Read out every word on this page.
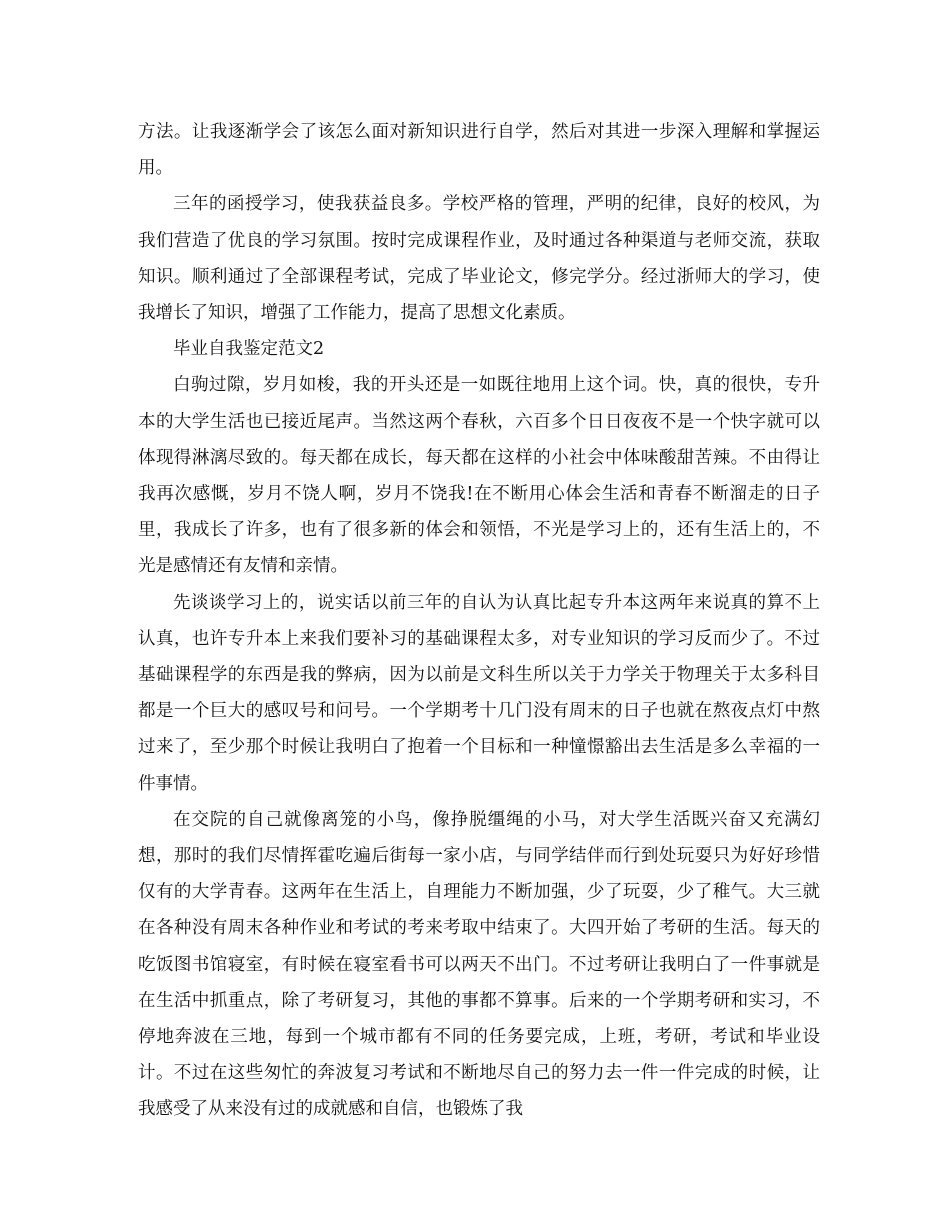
方法。让我逐渐学会了该怎么面对新知识进行自学，然后对其进一步深入理解和掌握运用。

三年的函授学习，使我获益良多。学校严格的管理，严明的纪律，良好的校风，为我们营造了优良的学习氛围。按时完成课程作业，及时通过各种渠道与老师交流，获取知识。顺利通过了全部课程考试，完成了毕业论文，修完学分。经过浙师大的学习，使我增长了知识，增强了工作能力，提高了思想文化素质。

毕业自我鉴定范文2

白驹过隙，岁月如梭，我的开头还是一如既往地用上这个词。快，真的很快，专升本的大学生活也已接近尾声。当然这两个春秋，六百多个日日夜夜不是一个快字就可以体现得淋漓尽致的。每天都在成长，每天都在这样的小社会中体味酸甜苦辣。不由得让我再次感慨，岁月不饶人啊，岁月不饶我!在不断用心体会生活和青春不断溜走的日子里，我成长了许多，也有了很多新的体会和领悟，不光是学习上的，还有生活上的，不光是感情还有友情和亲情。

先谈谈学习上的，说实话以前三年的自认为认真比起专升本这两年来说真的算不上认真，也许专升本上来我们要补习的基础课程太多，对专业知识的学习反而少了。不过基础课程学的东西是我的弊病，因为以前是文科生所以关于力学关于物理关于太多科目都是一个巨大的感叹号和问号。一个学期考十几门没有周末的日子也就在熬夜点灯中熬过来了，至少那个时候让我明白了抱着一个目标和一种憧憬豁出去生活是多么幸福的一件事情。

在交院的自己就像离笼的小鸟，像挣脱缰绳的小马，对大学生活既兴奋又充满幻想，那时的我们尽情挥霍吃遍后街每一家小店，与同学结伴而行到处玩耍只为好好珍惜仅有的大学青春。这两年在生活上，自理能力不断加强，少了玩耍，少了稚气。大三就在各种没有周末各种作业和考试的考来考取中结束了。大四开始了考研的生活。每天的吃饭图书馆寝室，有时候在寝室看书可以两天不出门。不过考研让我明白了一件事就是在生活中抓重点，除了考研复习，其他的事都不算事。后来的一个学期考研和实习，不停地奔波在三地，每到一个城市都有不同的任务要完成，上班，考研，考试和毕业设计。不过在这些匆忙的奔波复习考试和不断地尽自己的努力去一件一件完成的时候，让我感受了从来没有过的成就感和自信，也锻炼了我
